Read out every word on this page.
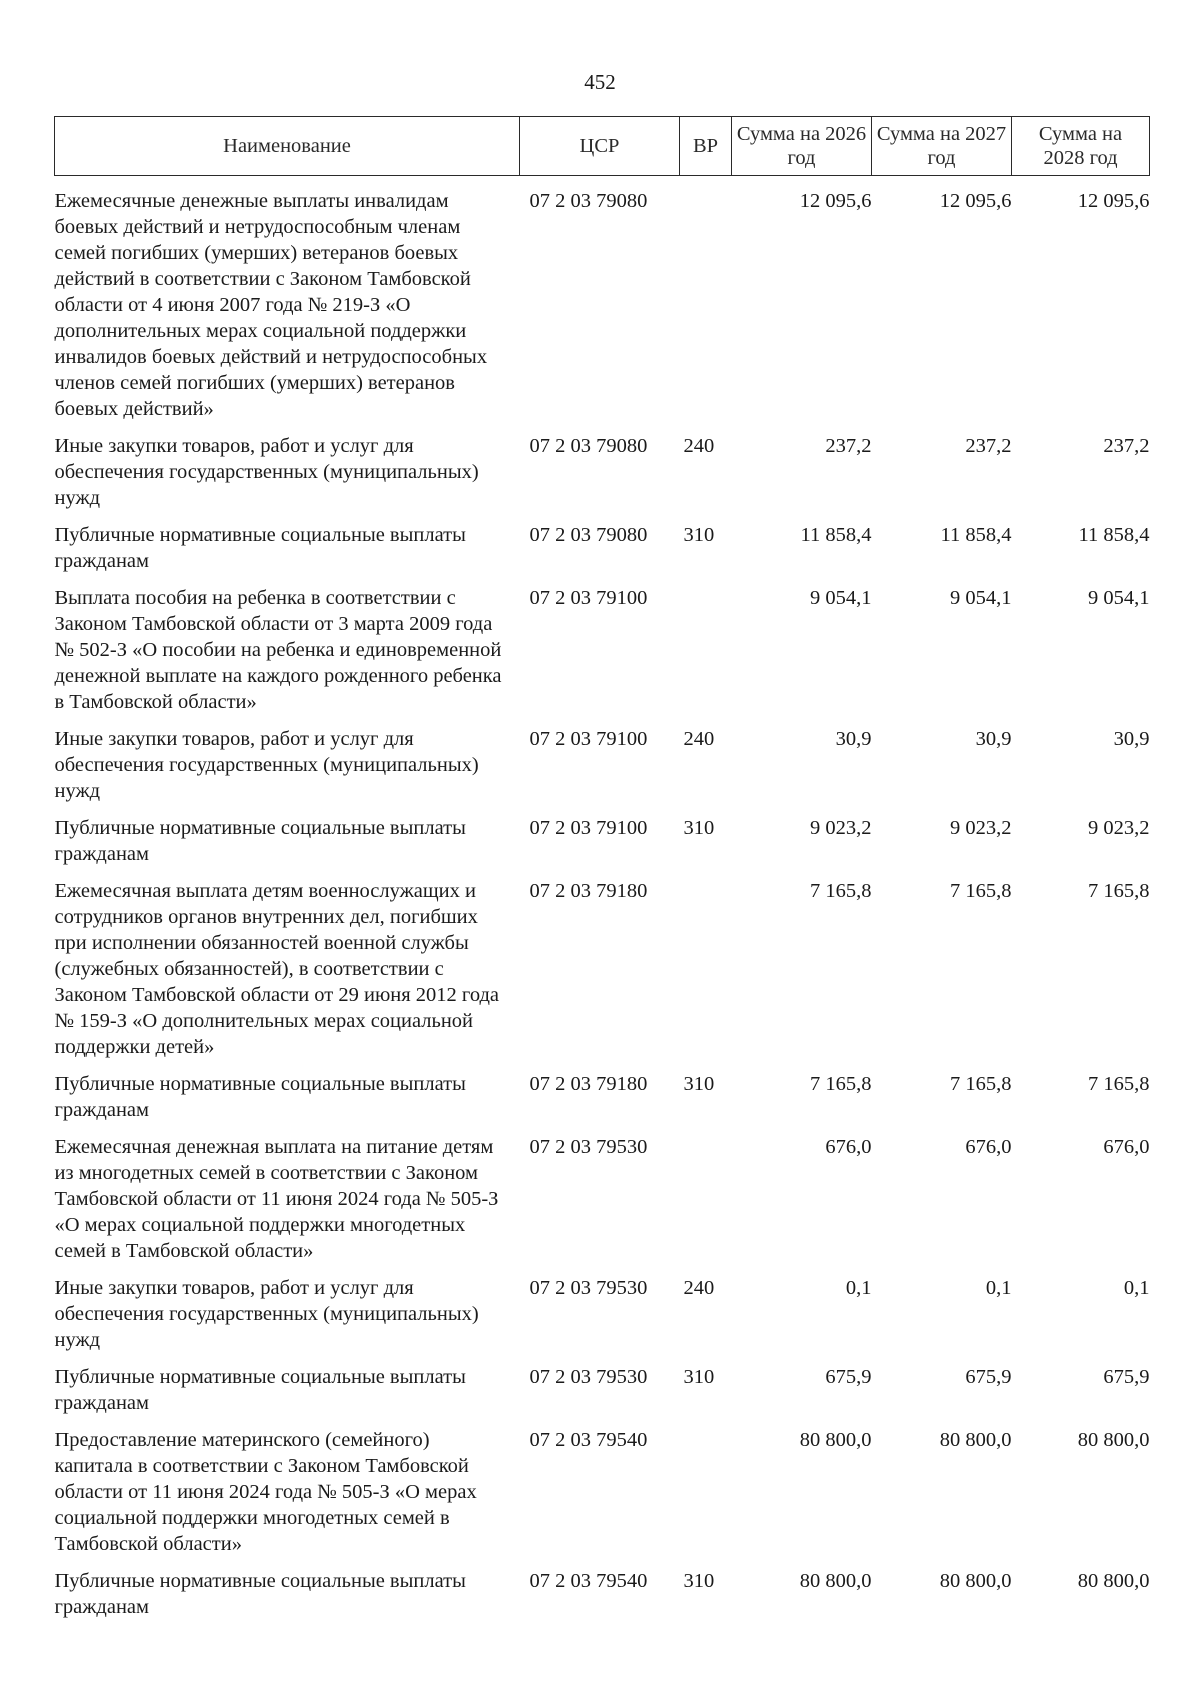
452
Наименование	ЦСР	ВР	Сумма на 2026 год	Сумма на 2027 год	Сумма на 2028 год
Ежемесячные денежные выплаты инвалидам боевых действий и нетрудоспособным членам семей погибших (умерших) ветеранов боевых действий в соответствии с Законом Тамбовской области от 4 июня 2007 года № 219-З «О дополнительных мерах социальной поддержки инвалидов боевых действий и нетрудоспособных членов семей погибших (умерших) ветеранов боевых действий»	07 2 03 79080		12 095,6	12 095,6	12 095,6
Иные закупки товаров, работ и услуг для обеспечения государственных (муниципальных) нужд	07 2 03 79080	240	237,2	237,2	237,2
Публичные нормативные социальные выплаты гражданам	07 2 03 79080	310	11 858,4	11 858,4	11 858,4
Выплата пособия на ребенка в соответствии с Законом Тамбовской области от 3 марта 2009 года № 502-З «О пособии на ребенка и единовременной денежной выплате на каждого рожденного ребенка в Тамбовской области»	07 2 03 79100		9 054,1	9 054,1	9 054,1
Иные закупки товаров, работ и услуг для обеспечения государственных (муниципальных) нужд	07 2 03 79100	240	30,9	30,9	30,9
Публичные нормативные социальные выплаты гражданам	07 2 03 79100	310	9 023,2	9 023,2	9 023,2
Ежемесячная выплата детям военнослужащих и сотрудников органов внутренних дел, погибших при исполнении обязанностей военной службы (служебных обязанностей), в соответствии с Законом Тамбовской области от 29 июня 2012 года № 159-З «О дополнительных мерах социальной поддержки детей»	07 2 03 79180		7 165,8	7 165,8	7 165,8
Публичные нормативные социальные выплаты гражданам	07 2 03 79180	310	7 165,8	7 165,8	7 165,8
Ежемесячная денежная выплата на питание детям из многодетных семей в соответствии с Законом Тамбовской области от 11 июня 2024 года № 505-З «О мерах социальной поддержки многодетных семей в Тамбовской области»	07 2 03 79530		676,0	676,0	676,0
Иные закупки товаров, работ и услуг для обеспечения государственных (муниципальных) нужд	07 2 03 79530	240	0,1	0,1	0,1
Публичные нормативные социальные выплаты гражданам	07 2 03 79530	310	675,9	675,9	675,9
Предоставление материнского (семейного) капитала в соответствии с Законом Тамбовской области от 11 июня 2024 года № 505-З «О мерах социальной поддержки многодетных семей в Тамбовской области»	07 2 03 79540		80 800,0	80 800,0	80 800,0
Публичные нормативные социальные выплаты гражданам	07 2 03 79540	310	80 800,0	80 800,0	80 800,0
